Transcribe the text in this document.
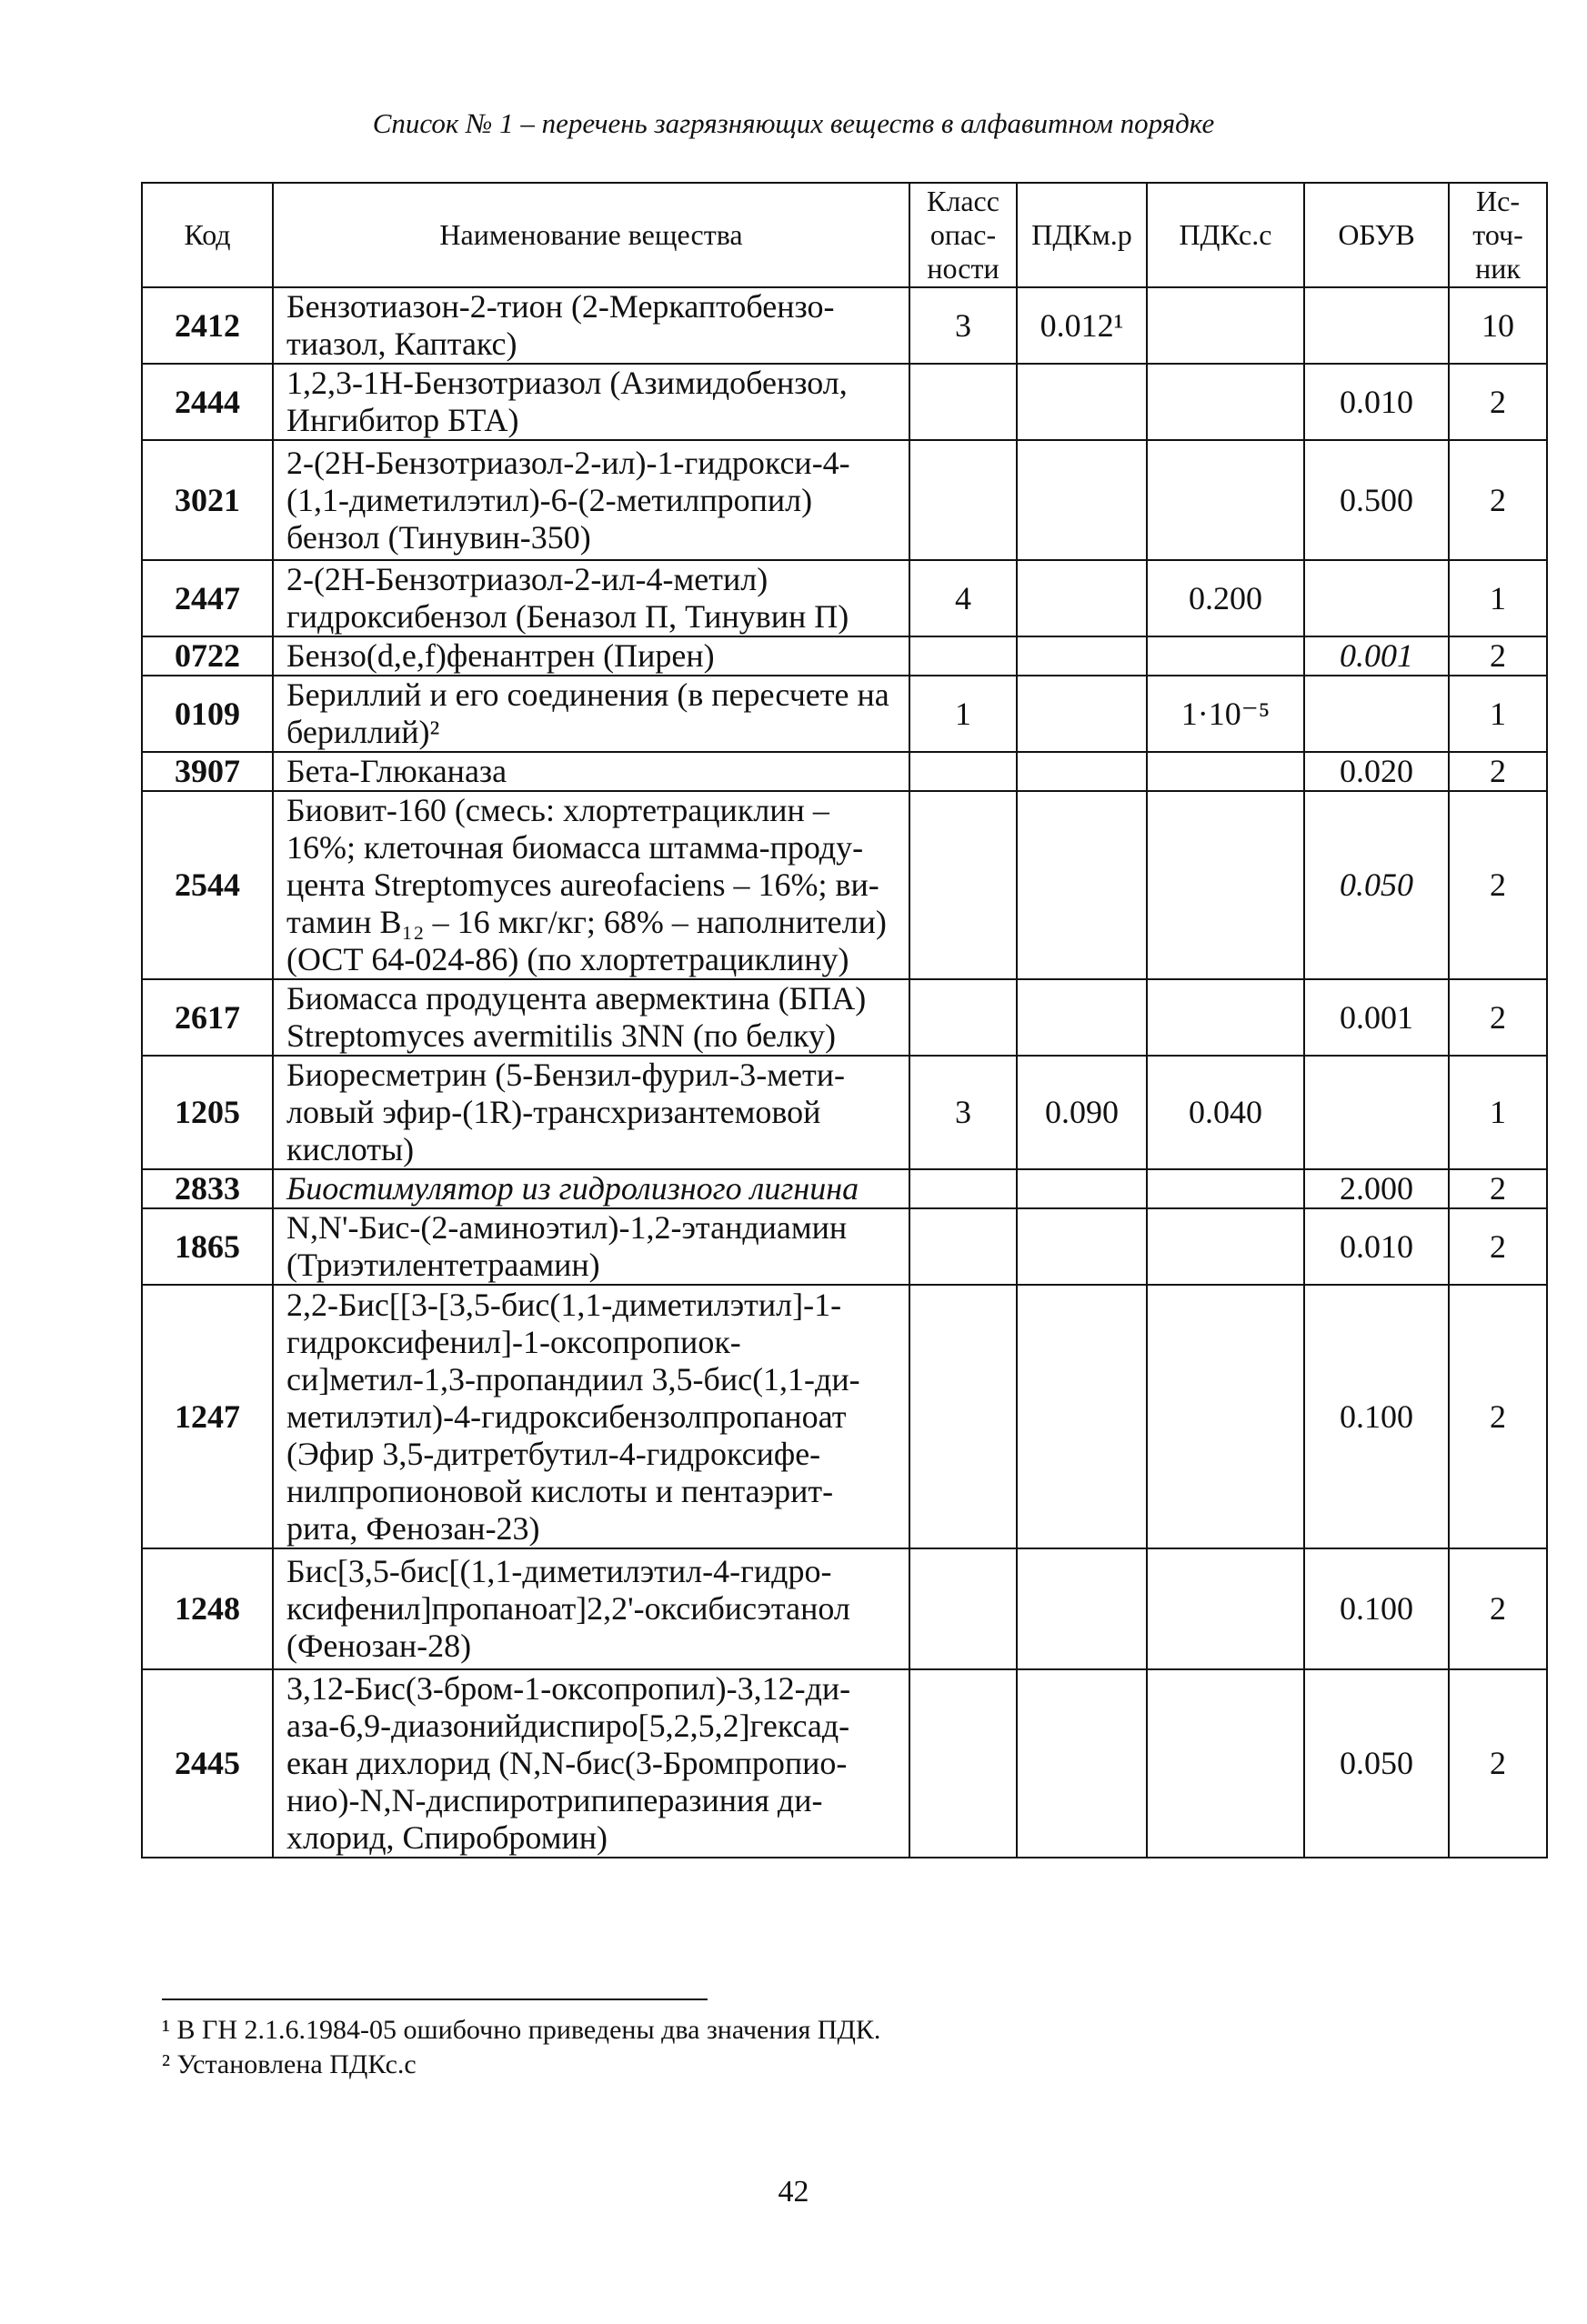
Список № 1 – перечень загрязняющих веществ в алфавитном порядке
Код	Наименование вещества	Класс опас- ности	ПДКм.р	ПДКс.с	ОБУВ	Ис- точ- ник
2412	Бензотиазон-2-тион (2-Меркаптобензо- тиазол, Каптакс)	3	0.012¹			10
2444	1,2,3-1Н-Бензотриазол (Азимидобензол, Ингибитор БТА)				0.010	2
3021	2-(2Н-Бензотриазол-2-ил)-1-гидрокси-4- (1,1-диметилэтил)-6-(2-метилпропил) бензол (Тинувин-350)				0.500	2
2447	2-(2Н-Бензотриазол-2-ил-4-метил) гидроксибензол (Беназол П, Тинувин П)	4		0.200		1
0722	Бензо(d,e,f)фенантрен (Пирен)				0.001	2
0109	Бериллий и его соединения (в пересчете на бериллий)²	1		1·10⁻⁵		1
3907	Бета-Глюканаза				0.020	2
2544	Биовит-160 (смесь: хлортетрациклин – 16%; клеточная биомасса штамма-проду- цента Streptomyces aureofaciens – 16%; ви- тамин B₁₂ – 16 мкг/кг; 68% – наполнители) (ОСТ 64-024-86) (по хлортетрациклину)				0.050	2
2617	Биомасса продуцента авермектина (БПА) Streptomyces avermitilis 3NN (по белку)				0.001	2
1205	Биоресметрин (5-Бензил-фурил-3-мети- ловый эфир-(1R)-трансхризантемовой кислоты)	3	0.090	0.040		1
2833	Биостимулятор из гидролизного лигнина				2.000	2
1865	N,N'-Бис-(2-аминоэтил)-1,2-этандиамин (Триэтилентетраамин)				0.010	2
1247	2,2-Бис[[3-[3,5-бис(1,1-диметилэтил]-1- гидроксифенил]-1-оксопропиок- си]метил-1,3-пропандиил 3,5-бис(1,1-ди- метилэтил)-4-гидроксибензолпропаноат (Эфир 3,5-дитретбутил-4-гидроксифе- нилпропионовой кислоты и пентаэрит- рита, Фенозан-23)				0.100	2
1248	Бис[3,5-бис[(1,1-диметилэтил-4-гидро- ксифенил]пропаноат]2,2'-оксибисэтанол (Фенозан-28)				0.100	2
2445	3,12-Бис(3-бром-1-оксопропил)-3,12-ди- аза-6,9-диазонийдиспиро[5,2,5,2]гексад- екан дихлорид (N,N-бис(3-Бромпропио- нио)-N,N-диспиротрипиперазиния ди- хлорид, Спиробромин)				0.050	2
¹ В ГН 2.1.6.1984-05 ошибочно приведены два значения ПДК.
² Установлена ПДКс.с
42
